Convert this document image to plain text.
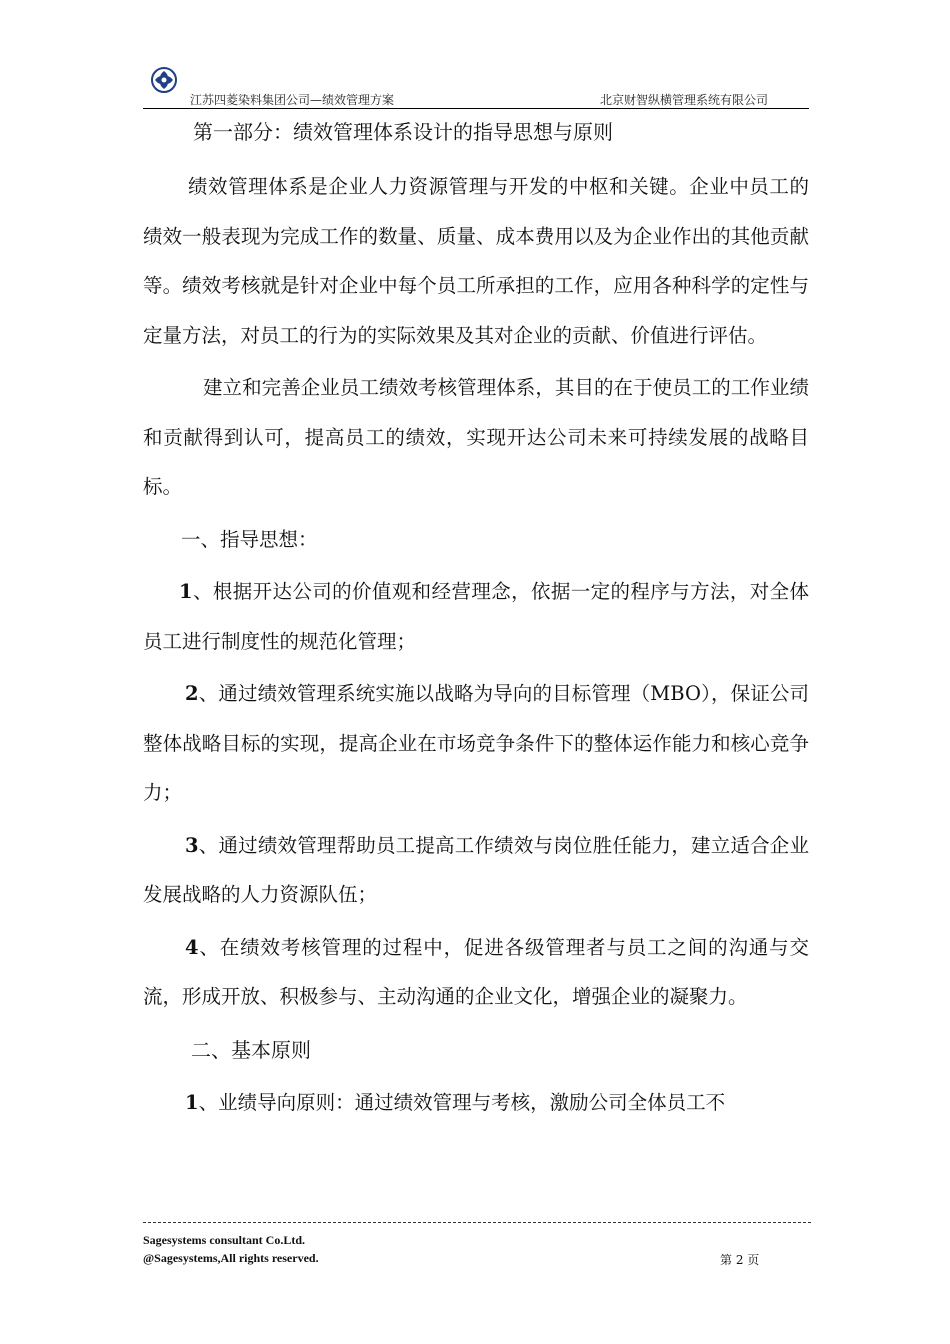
江苏四菱染料集团公司—绩效管理方案	北京财智纵横管理系统有限公司
第一部分：绩效管理体系设计的指导思想与原则

绩效管理体系是企业人力资源管理与开发的中枢和关键。企业中员工的绩效一般表现为完成工作的数量、质量、成本费用以及为企业作出的其他贡献等。绩效考核就是针对企业中每个员工所承担的工作，应用各种科学的定性与定量方法，对员工的行为的实际效果及其对企业的贡献、价值进行评估。

建立和完善企业员工绩效考核管理体系，其目的在于使员工的工作业绩和贡献得到认可，提高员工的绩效，实现开达公司未来可持续发展的战略目标。

一、指导思想：

1、根据开达公司的价值观和经营理念，依据一定的程序与方法，对全体员工进行制度性的规范化管理；

2、通过绩效管理系统实施以战略为导向的目标管理（MBO），保证公司整体战略目标的实现，提高企业在市场竞争条件下的整体运作能力和核心竞争力；

3、通过绩效管理帮助员工提高工作绩效与岗位胜任能力，建立适合企业发展战略的人力资源队伍；

4、在绩效考核管理的过程中，促进各级管理者与员工之间的沟通与交流，形成开放、积极参与、主动沟通的企业文化，增强企业的凝聚力。

二、基本原则

1、业绩导向原则：通过绩效管理与考核，激励公司全体员工不

Sagesystems consultant Co.Ltd.
@Sagesystems,All rights reserved.	第 2 页
